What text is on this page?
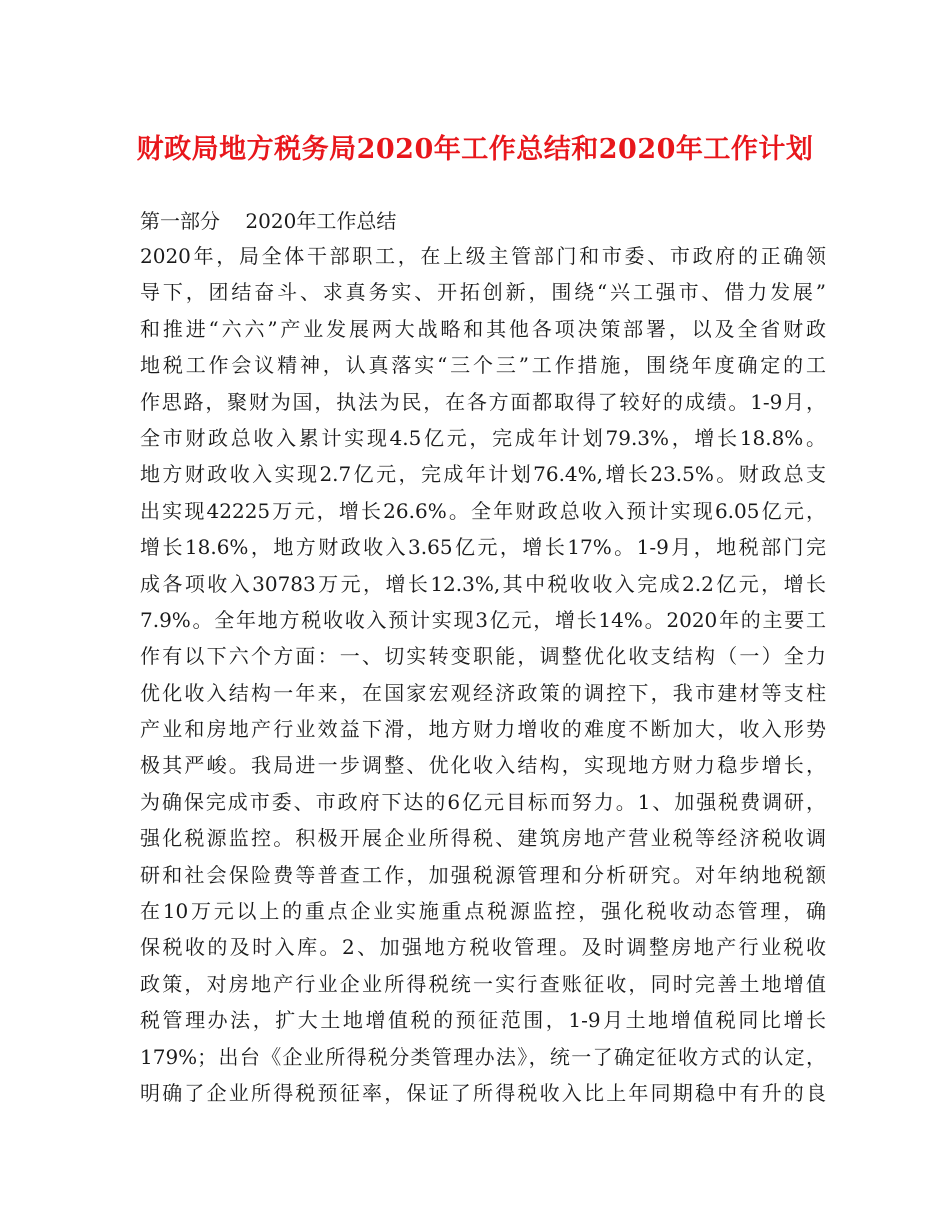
财政局地方税务局2020年工作总结和2020年工作计划
第一部分    2020年工作总结
2020年，局全体干部职工，在上级主管部门和市委、市政府的正确领
导下，团结奋斗、求真务实、开拓创新，围绕“兴工强市、借力发展”
和推进“六六”产业发展两大战略和其他各项决策部署，以及全省财政
地税工作会议精神，认真落实“三个三”工作措施，围绕年度确定的工
作思路，聚财为国，执法为民，在各方面都取得了较好的成绩。1-9月，
全市财政总收入累计实现4.5亿元，完成年计划79.3%，增长18.8%。
地方财政收入实现2.7亿元，完成年计划76.4%,增长23.5%。财政总支
出实现42225万元，增长26.6%。全年财政总收入预计实现6.05亿元，
增长18.6%，地方财政收入3.65亿元，增长17%。1-9月，地税部门完
成各项收入30783万元，增长12.3%,其中税收收入完成2.2亿元，增长
7.9%。全年地方税收收入预计实现3亿元，增长14%。2020年的主要工
作有以下六个方面：一、切实转变职能，调整优化收支结构（一）全力
优化收入结构一年来，在国家宏观经济政策的调控下，我市建材等支柱
产业和房地产行业效益下滑，地方财力增收的难度不断加大，收入形势
极其严峻。我局进一步调整、优化收入结构，实现地方财力稳步增长，
为确保完成市委、市政府下达的6亿元目标而努力。1、加强税费调研，
强化税源监控。积极开展企业所得税、建筑房地产营业税等经济税收调
研和社会保险费等普查工作，加强税源管理和分析研究。对年纳地税额
在10万元以上的重点企业实施重点税源监控，强化税收动态管理，确
保税收的及时入库。2、加强地方税收管理。及时调整房地产行业税收
政策，对房地产行业企业所得税统一实行查账征收，同时完善土地增值
税管理办法，扩大土地增值税的预征范围，1-9月土地增值税同比增长
179%；出台《企业所得税分类管理办法》，统一了确定征收方式的认定，
明确了企业所得税预征率，保证了所得税收入比上年同期稳中有升的良
